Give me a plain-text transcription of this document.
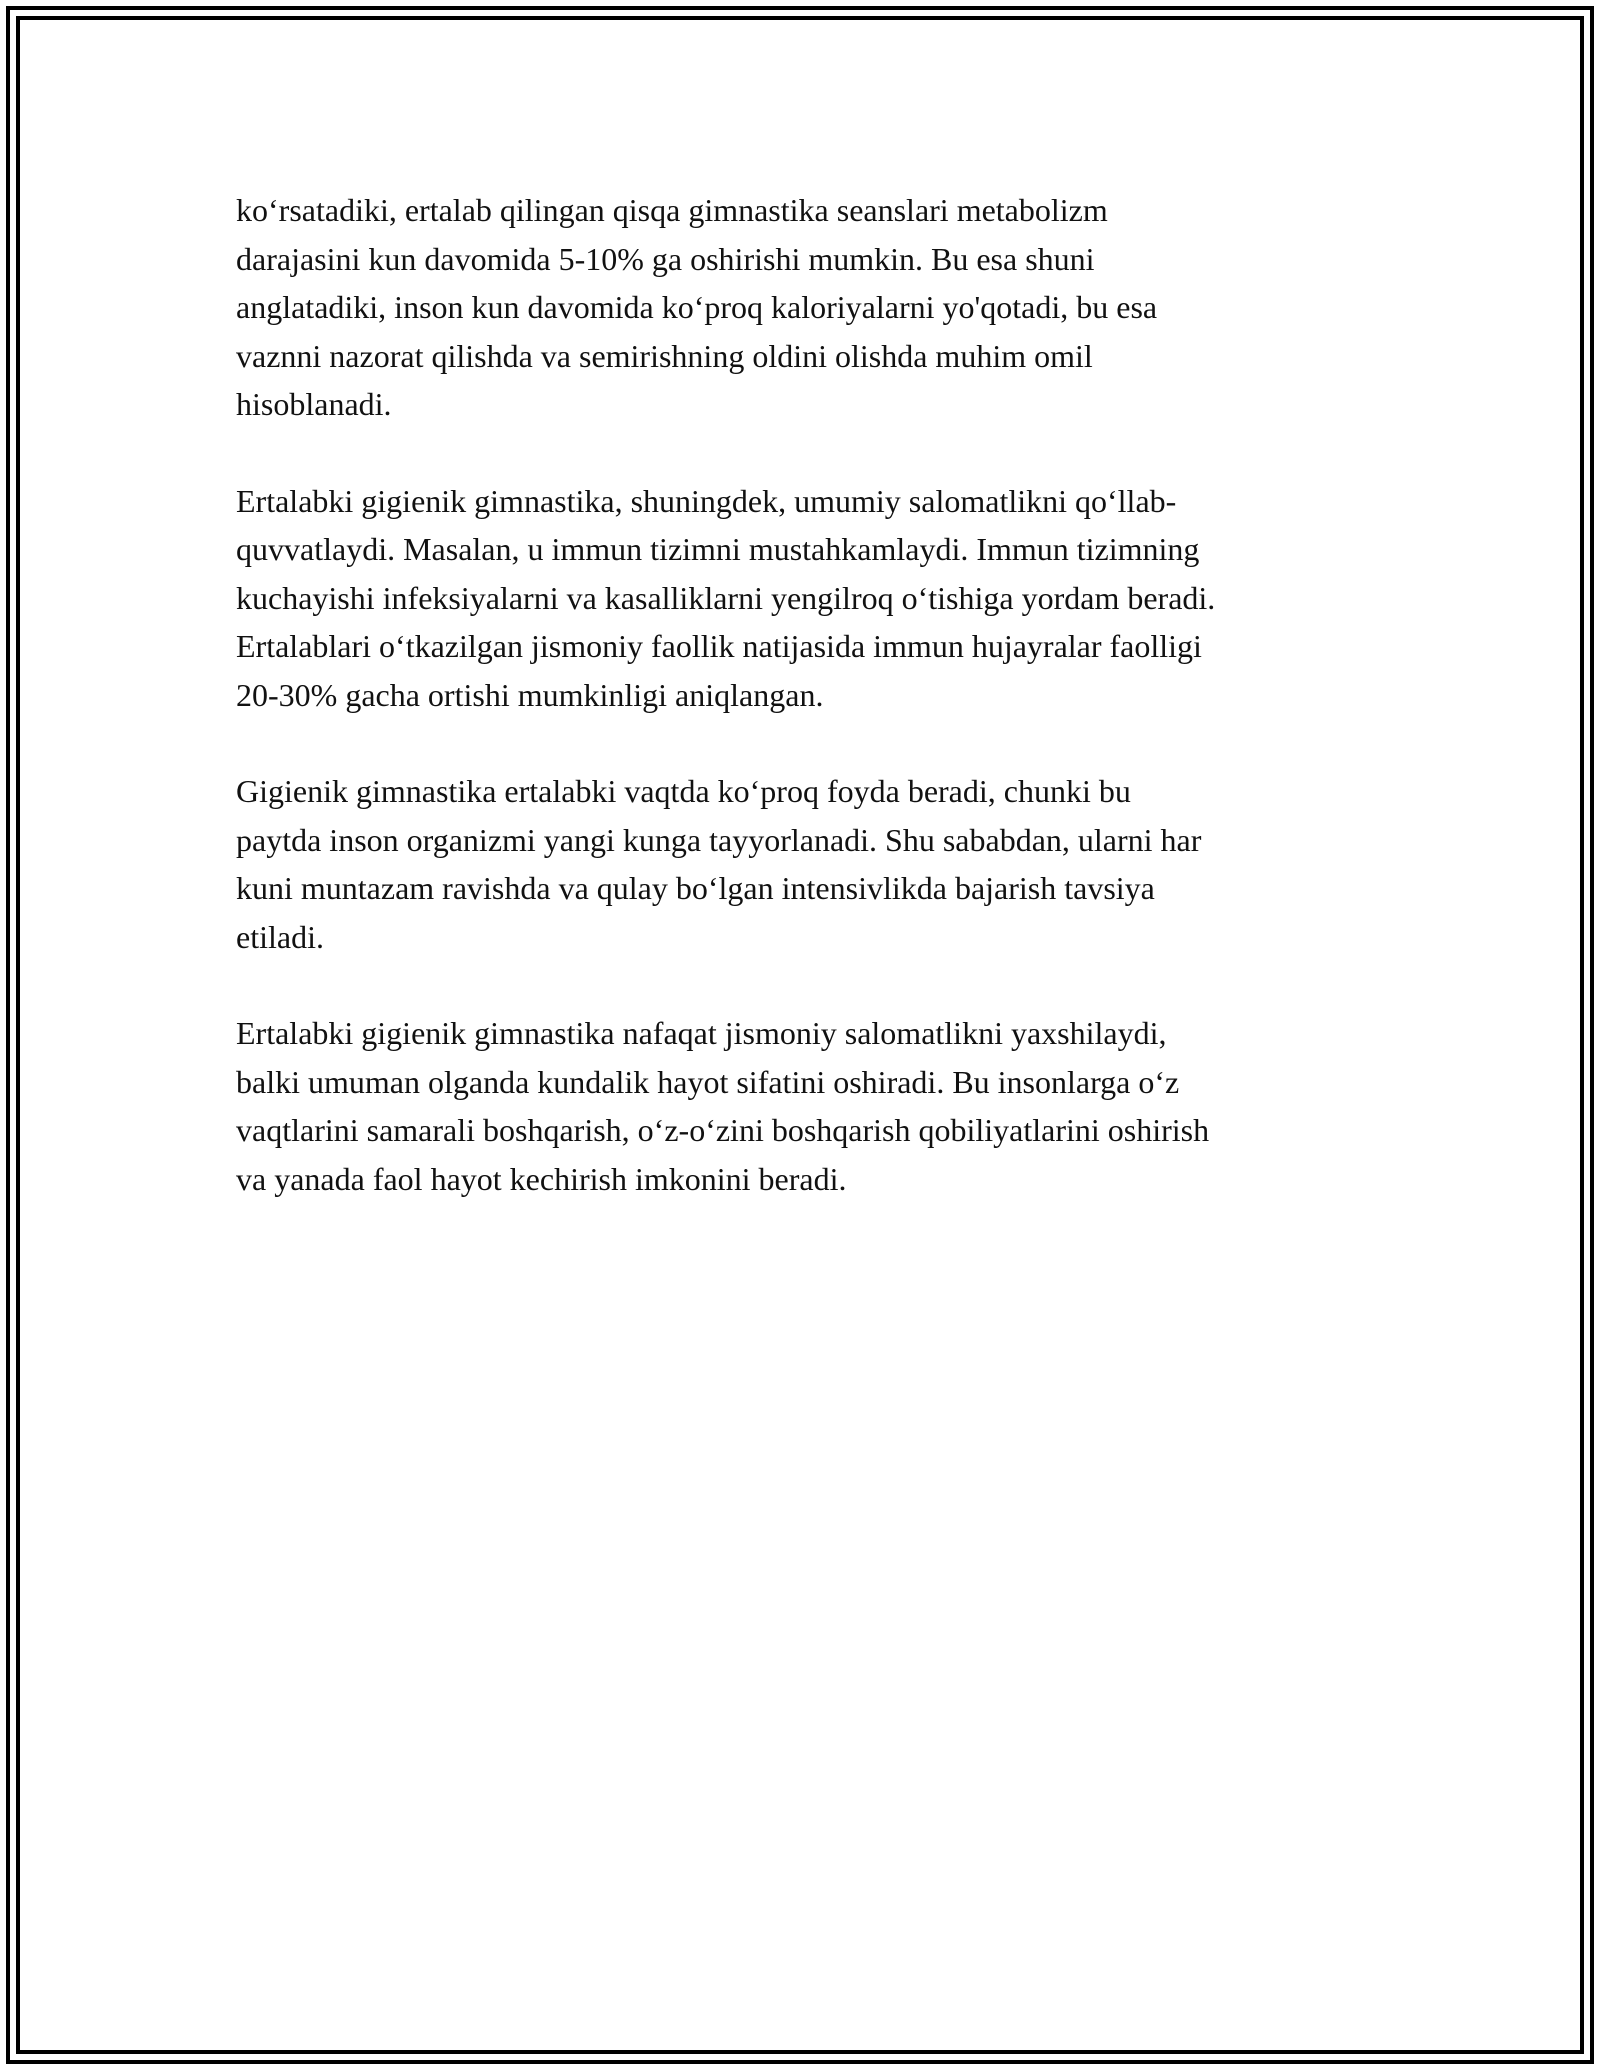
ko‘rsatadiki, ertalab qilingan qisqa gimnastika seanslari metabolizm
darajasini kun davomida 5-10% ga oshirishi mumkin. Bu esa shuni
anglatadiki, inson kun davomida ko‘proq kaloriyalarni yo'qotadi, bu esa
vaznni nazorat qilishda va semirishning oldini olishda muhim omil
hisoblanadi.

Ertalabki gigienik gimnastika, shuningdek, umumiy salomatlikni qo‘llab-
quvvatlaydi. Masalan, u immun tizimni mustahkamlaydi. Immun tizimning
kuchayishi infeksiyalarni va kasalliklarni yengilroq o‘tishiga yordam beradi.
Ertalablari o‘tkazilgan jismoniy faollik natijasida immun hujayralar faolligi
20-30% gacha ortishi mumkinligi aniqlangan.

Gigienik gimnastika ertalabki vaqtda ko‘proq foyda beradi, chunki bu
paytda inson organizmi yangi kunga tayyorlanadi. Shu sababdan, ularni har
kuni muntazam ravishda va qulay bo‘lgan intensivlikda bajarish tavsiya
etiladi.

Ertalabki gigienik gimnastika nafaqat jismoniy salomatlikni yaxshilaydi,
balki umuman olganda kundalik hayot sifatini oshiradi. Bu insonlarga o‘z
vaqtlarini samarali boshqarish, o‘z-o‘zini boshqarish qobiliyatlarini oshirish
va yanada faol hayot kechirish imkonini beradi.
